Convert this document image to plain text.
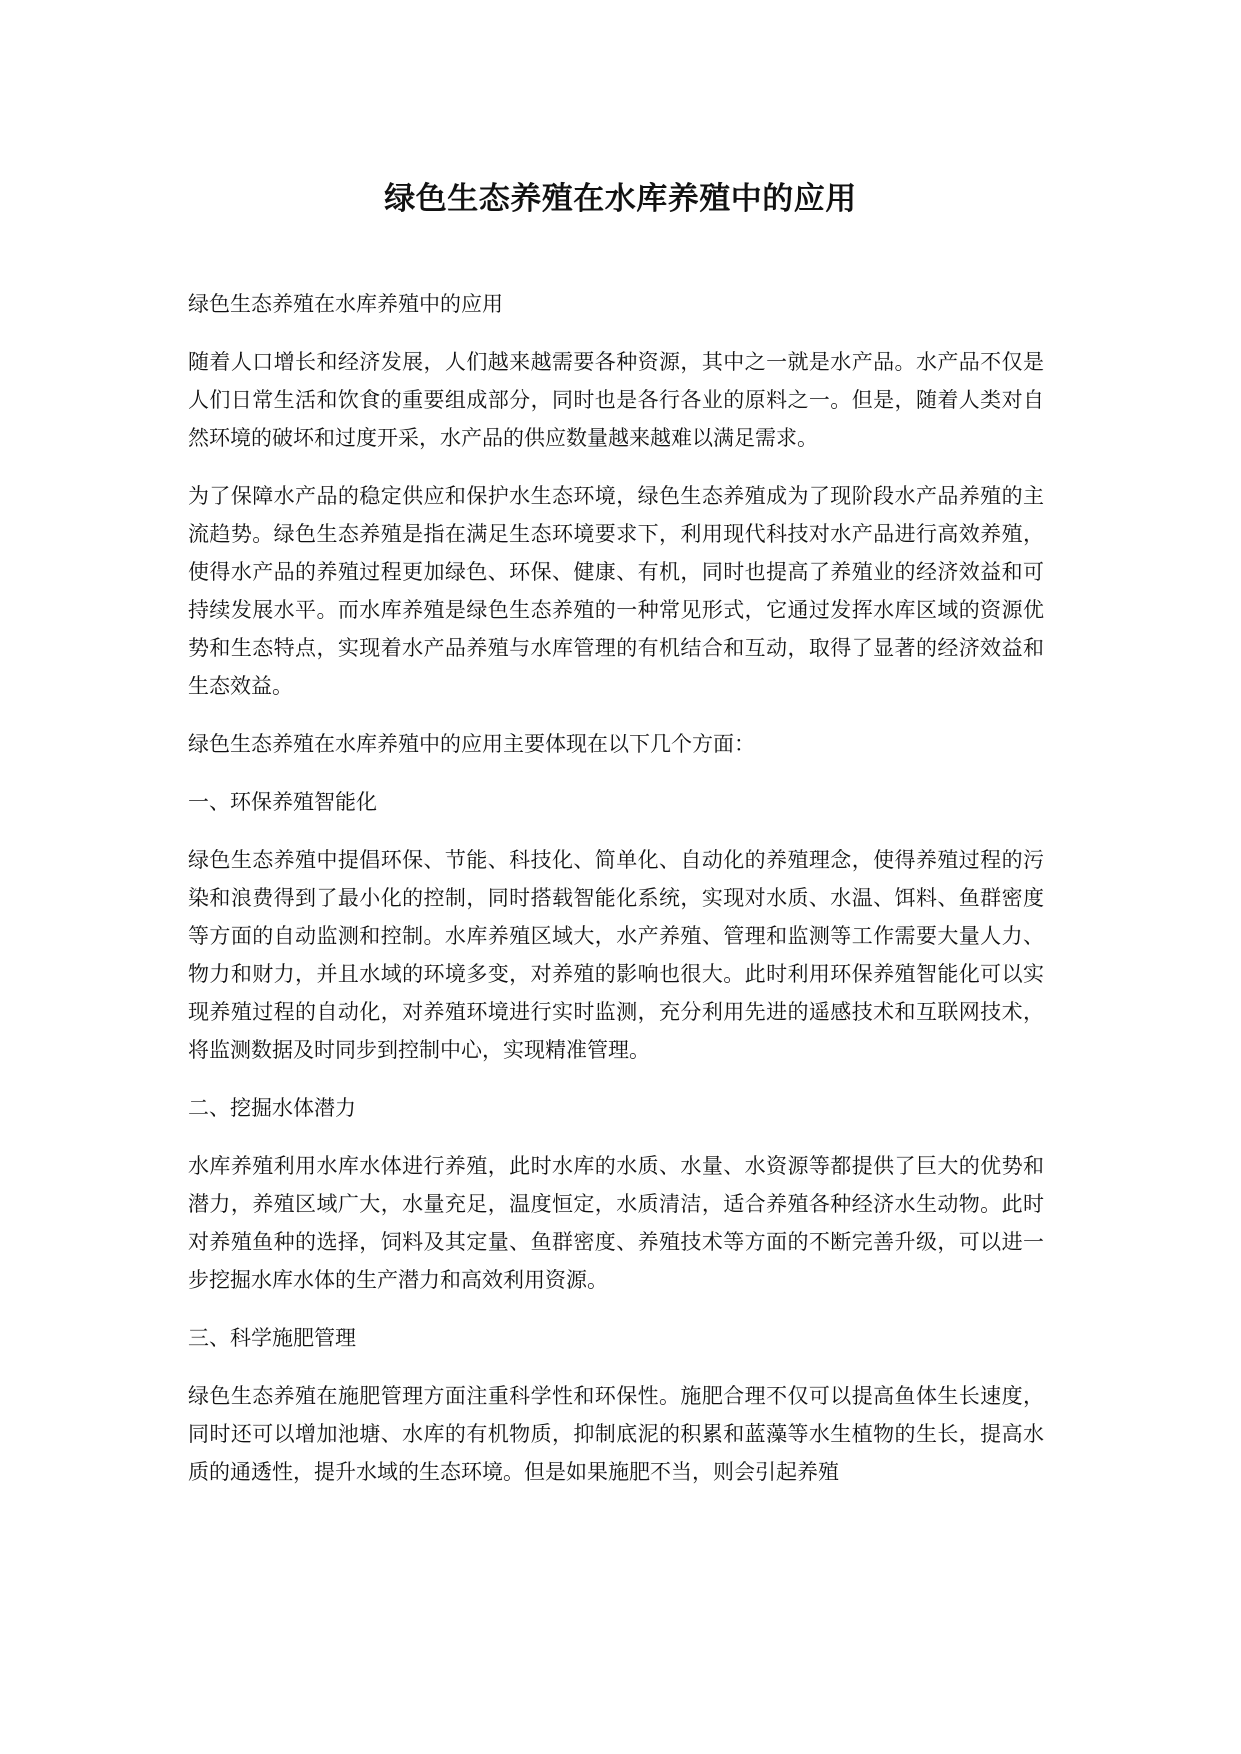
绿色生态养殖在水库养殖中的应用

绿色生态养殖在水库养殖中的应用

随着人口增长和经济发展，人们越来越需要各种资源，其中之一就是水产品。水产品不仅是人们日常生活和饮食的重要组成部分，同时也是各行各业的原料之一。但是，随着人类对自然环境的破坏和过度开采，水产品的供应数量越来越难以满足需求。

为了保障水产品的稳定供应和保护水生态环境，绿色生态养殖成为了现阶段水产品养殖的主流趋势。绿色生态养殖是指在满足生态环境要求下，利用现代科技对水产品进行高效养殖，使得水产品的养殖过程更加绿色、环保、健康、有机，同时也提高了养殖业的经济效益和可持续发展水平。而水库养殖是绿色生态养殖的一种常见形式，它通过发挥水库区域的资源优势和生态特点，实现着水产品养殖与水库管理的有机结合和互动，取得了显著的经济效益和生态效益。

绿色生态养殖在水库养殖中的应用主要体现在以下几个方面：

一、环保养殖智能化

绿色生态养殖中提倡环保、节能、科技化、简单化、自动化的养殖理念，使得养殖过程的污染和浪费得到了最小化的控制，同时搭载智能化系统，实现对水质、水温、饵料、鱼群密度等方面的自动监测和控制。水库养殖区域大，水产养殖、管理和监测等工作需要大量人力、物力和财力，并且水域的环境多变，对养殖的影响也很大。此时利用环保养殖智能化可以实现养殖过程的自动化，对养殖环境进行实时监测，充分利用先进的遥感技术和互联网技术，将监测数据及时同步到控制中心，实现精准管理。

二、挖掘水体潜力

水库养殖利用水库水体进行养殖，此时水库的水质、水量、水资源等都提供了巨大的优势和潜力，养殖区域广大，水量充足，温度恒定，水质清洁，适合养殖各种经济水生动物。此时对养殖鱼种的选择，饲料及其定量、鱼群密度、养殖技术等方面的不断完善升级，可以进一步挖掘水库水体的生产潜力和高效利用资源。

三、科学施肥管理

绿色生态养殖在施肥管理方面注重科学性和环保性。施肥合理不仅可以提高鱼体生长速度，同时还可以增加池塘、水库的有机物质，抑制底泥的积累和蓝藻等水生植物的生长，提高水质的通透性，提升水域的生态环境。但是如果施肥不当，则会引起养殖
